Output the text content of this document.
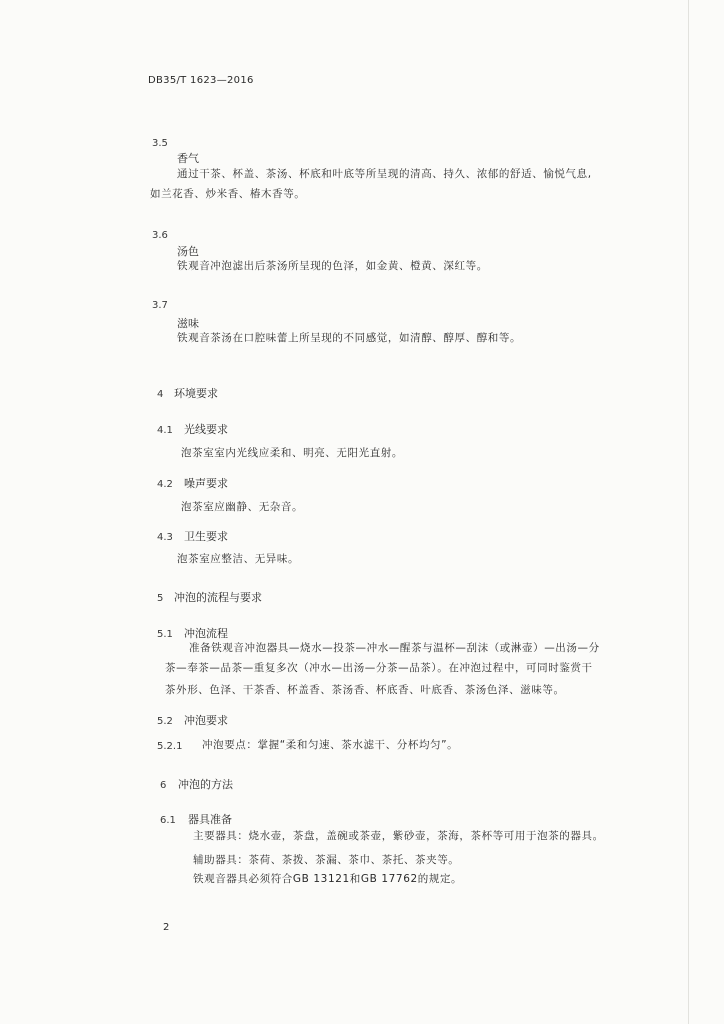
DB35/T 1623—2016
3.5
香气
通过干茶、杯盖、茶汤、杯底和叶底等所呈现的清高、持久、浓郁的舒适、愉悦气息,
如兰花香、炒米香、椿木香等。
3.6
汤色
铁观音冲泡滤出后茶汤所呈现的色泽，如金黄、橙黄、深红等。
3.7
滋味
铁观音茶汤在口腔味蕾上所呈现的不同感觉，如清醇、醇厚、醇和等。
4 环境要求
4.1 光线要求
泡茶室室内光线应柔和、明亮、无阳光直射。
4.2 噪声要求
泡茶室应幽静、无杂音。
4.3 卫生要求
泡茶室应整洁、无异味。
5 冲泡的流程与要求
5.1 冲泡流程
准备铁观音冲泡器具—烧水—投茶—冲水—醒茶与温杯—刮沫（或淋壶）—出汤—分
茶—奉茶—品茶—重复多次（冲水—出汤—分茶—品茶）。在冲泡过程中，可同时鉴赏干
茶外形、色泽、干茶香、杯盖香、茶汤香、杯底香、叶底香、茶汤色泽、滋味等。
5.2 冲泡要求
5.2.1 冲泡要点：掌握“柔和匀速、茶水滤干、分杯均匀”。
6 冲泡的方法
6.1 器具准备
主要器具：烧水壶，茶盘，盖碗或茶壶，紫砂壶，茶海，茶杯等可用于泡茶的器具。
辅助器具：茶荷、茶拨、茶漏、茶巾、茶托、茶夹等。
铁观音器具必须符合GB 13121和GB 17762的规定。
2
